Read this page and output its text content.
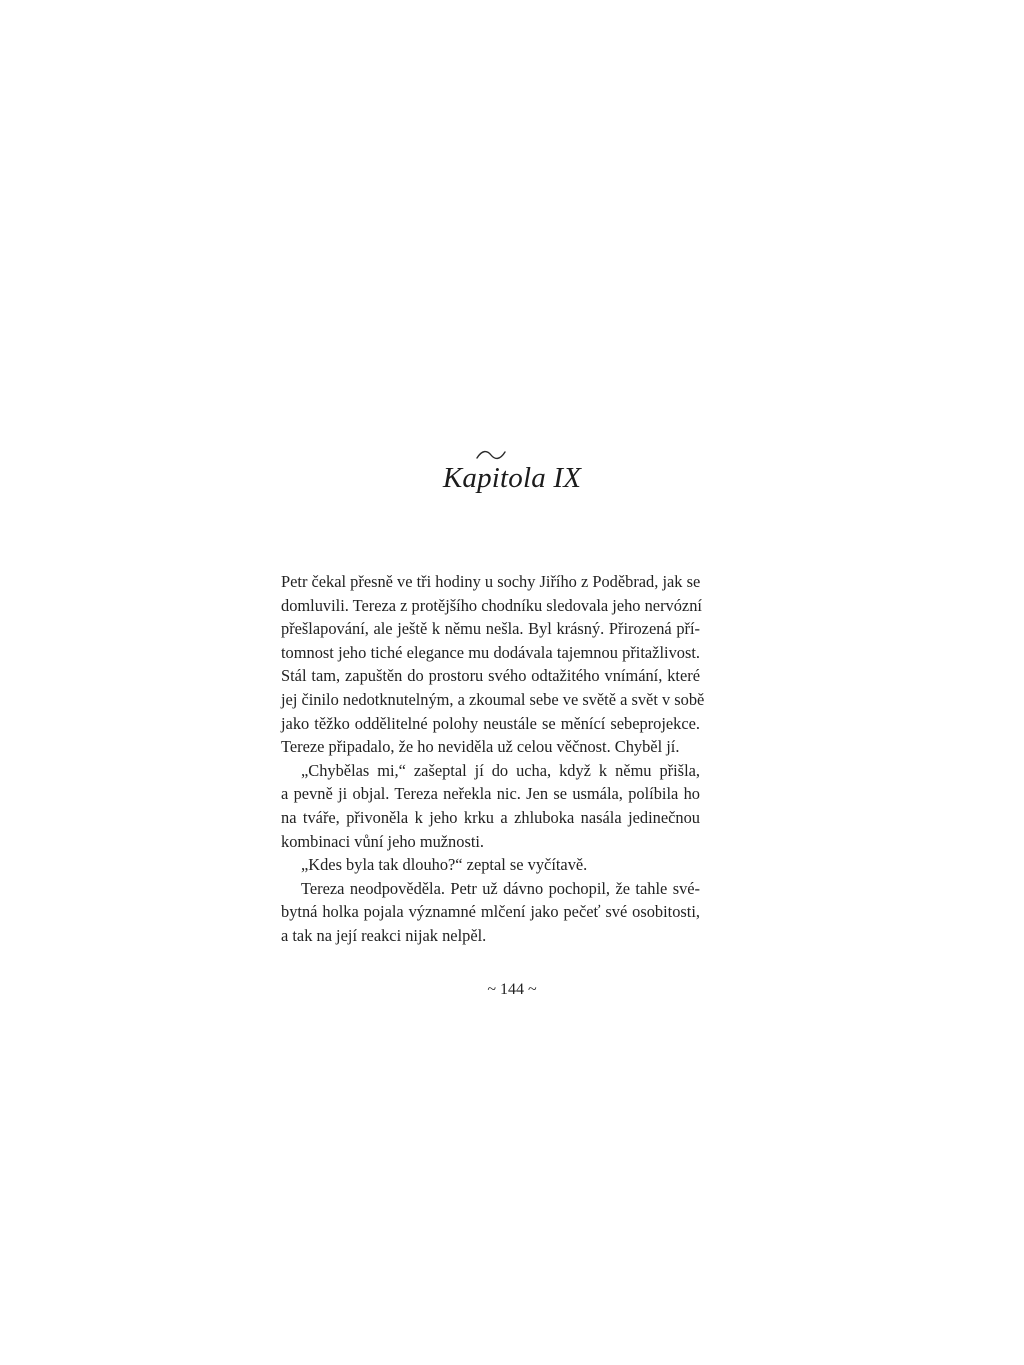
Kapitola IX
Petr čekal přesně ve tři hodiny u sochy Jiřího z Poděbrad, jak se
domluvili. Tereza z protějšího chodníku sledovala jeho nervózní
přešlapování, ale ještě k němu nešla. Byl krásný. Přirozená pří-
tomnost jeho tiché elegance mu dodávala tajemnou přitažlivost.
Stál tam, zapuštěn do prostoru svého odtažitého vnímání, které
jej činilo nedotknutelným, a zkoumal sebe ve světě a svět v sobě
jako těžko oddělitelné polohy neustále se měnící sebeprojekce.
Tereze připadalo, že ho neviděla už celou věčnost. Chyběl jí.
„Chybělas mi,“ zašeptal jí do ucha, když k němu přišla,
a pevně ji objal. Tereza neřekla nic. Jen se usmála, políbila ho
na tváře, přivoněla k jeho krku a zhluboka nasála jedinečnou
kombinaci vůní jeho mužnosti.
„Kdes byla tak dlouho?“ zeptal se vyčítavě.
Tereza neodpověděla. Petr už dávno pochopil, že tahle své-
bytná holka pojala významné mlčení jako pečeť své osobitosti,
a tak na její reakci nijak nelpěl.
~ 144 ~
